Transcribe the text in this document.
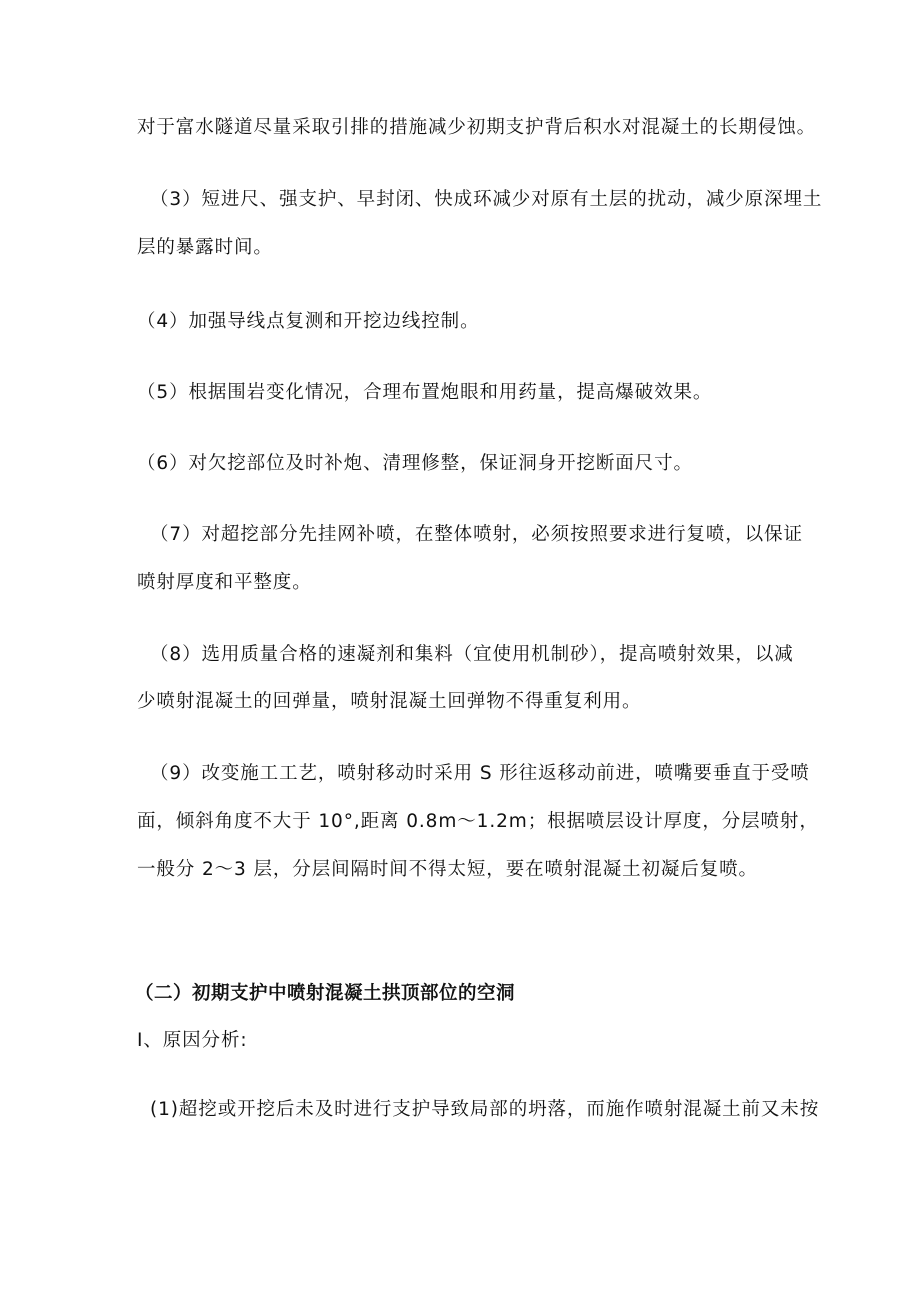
对于富水隧道尽量采取引排的措施减少初期支护背后积水对混凝土的长期侵蚀。

（3）短进尺、强支护、早封闭、快成环减少对原有土层的扰动，减少原深埋土

层的暴露时间。

（4）加强导线点复测和开挖边线控制。

（5）根据围岩变化情况，合理布置炮眼和用药量，提高爆破效果。

（6）对欠挖部位及时补炮、清理修整，保证洞身开挖断面尺寸。

（7）对超挖部分先挂网补喷，在整体喷射，必须按照要求进行复喷，以保证

喷射厚度和平整度。

（8）选用质量合格的速凝剂和集料（宜使用机制砂），提高喷射效果，以减

少喷射混凝土的回弹量，喷射混凝土回弹物不得重复利用。

（9）改变施工工艺，喷射移动时采用 S 形往返移动前进，喷嘴要垂直于受喷

面，倾斜角度不大于 10°,距离 0.8m～1.2m；根据喷层设计厚度，分层喷射，

一般分 2～3 层，分层间隔时间不得太短，要在喷射混凝土初凝后复喷。

（二）初期支护中喷射混凝土拱顶部位的空洞

I、原因分析:

(1)超挖或开挖后未及时进行支护导致局部的坍落，而施作喷射混凝土前又未按
